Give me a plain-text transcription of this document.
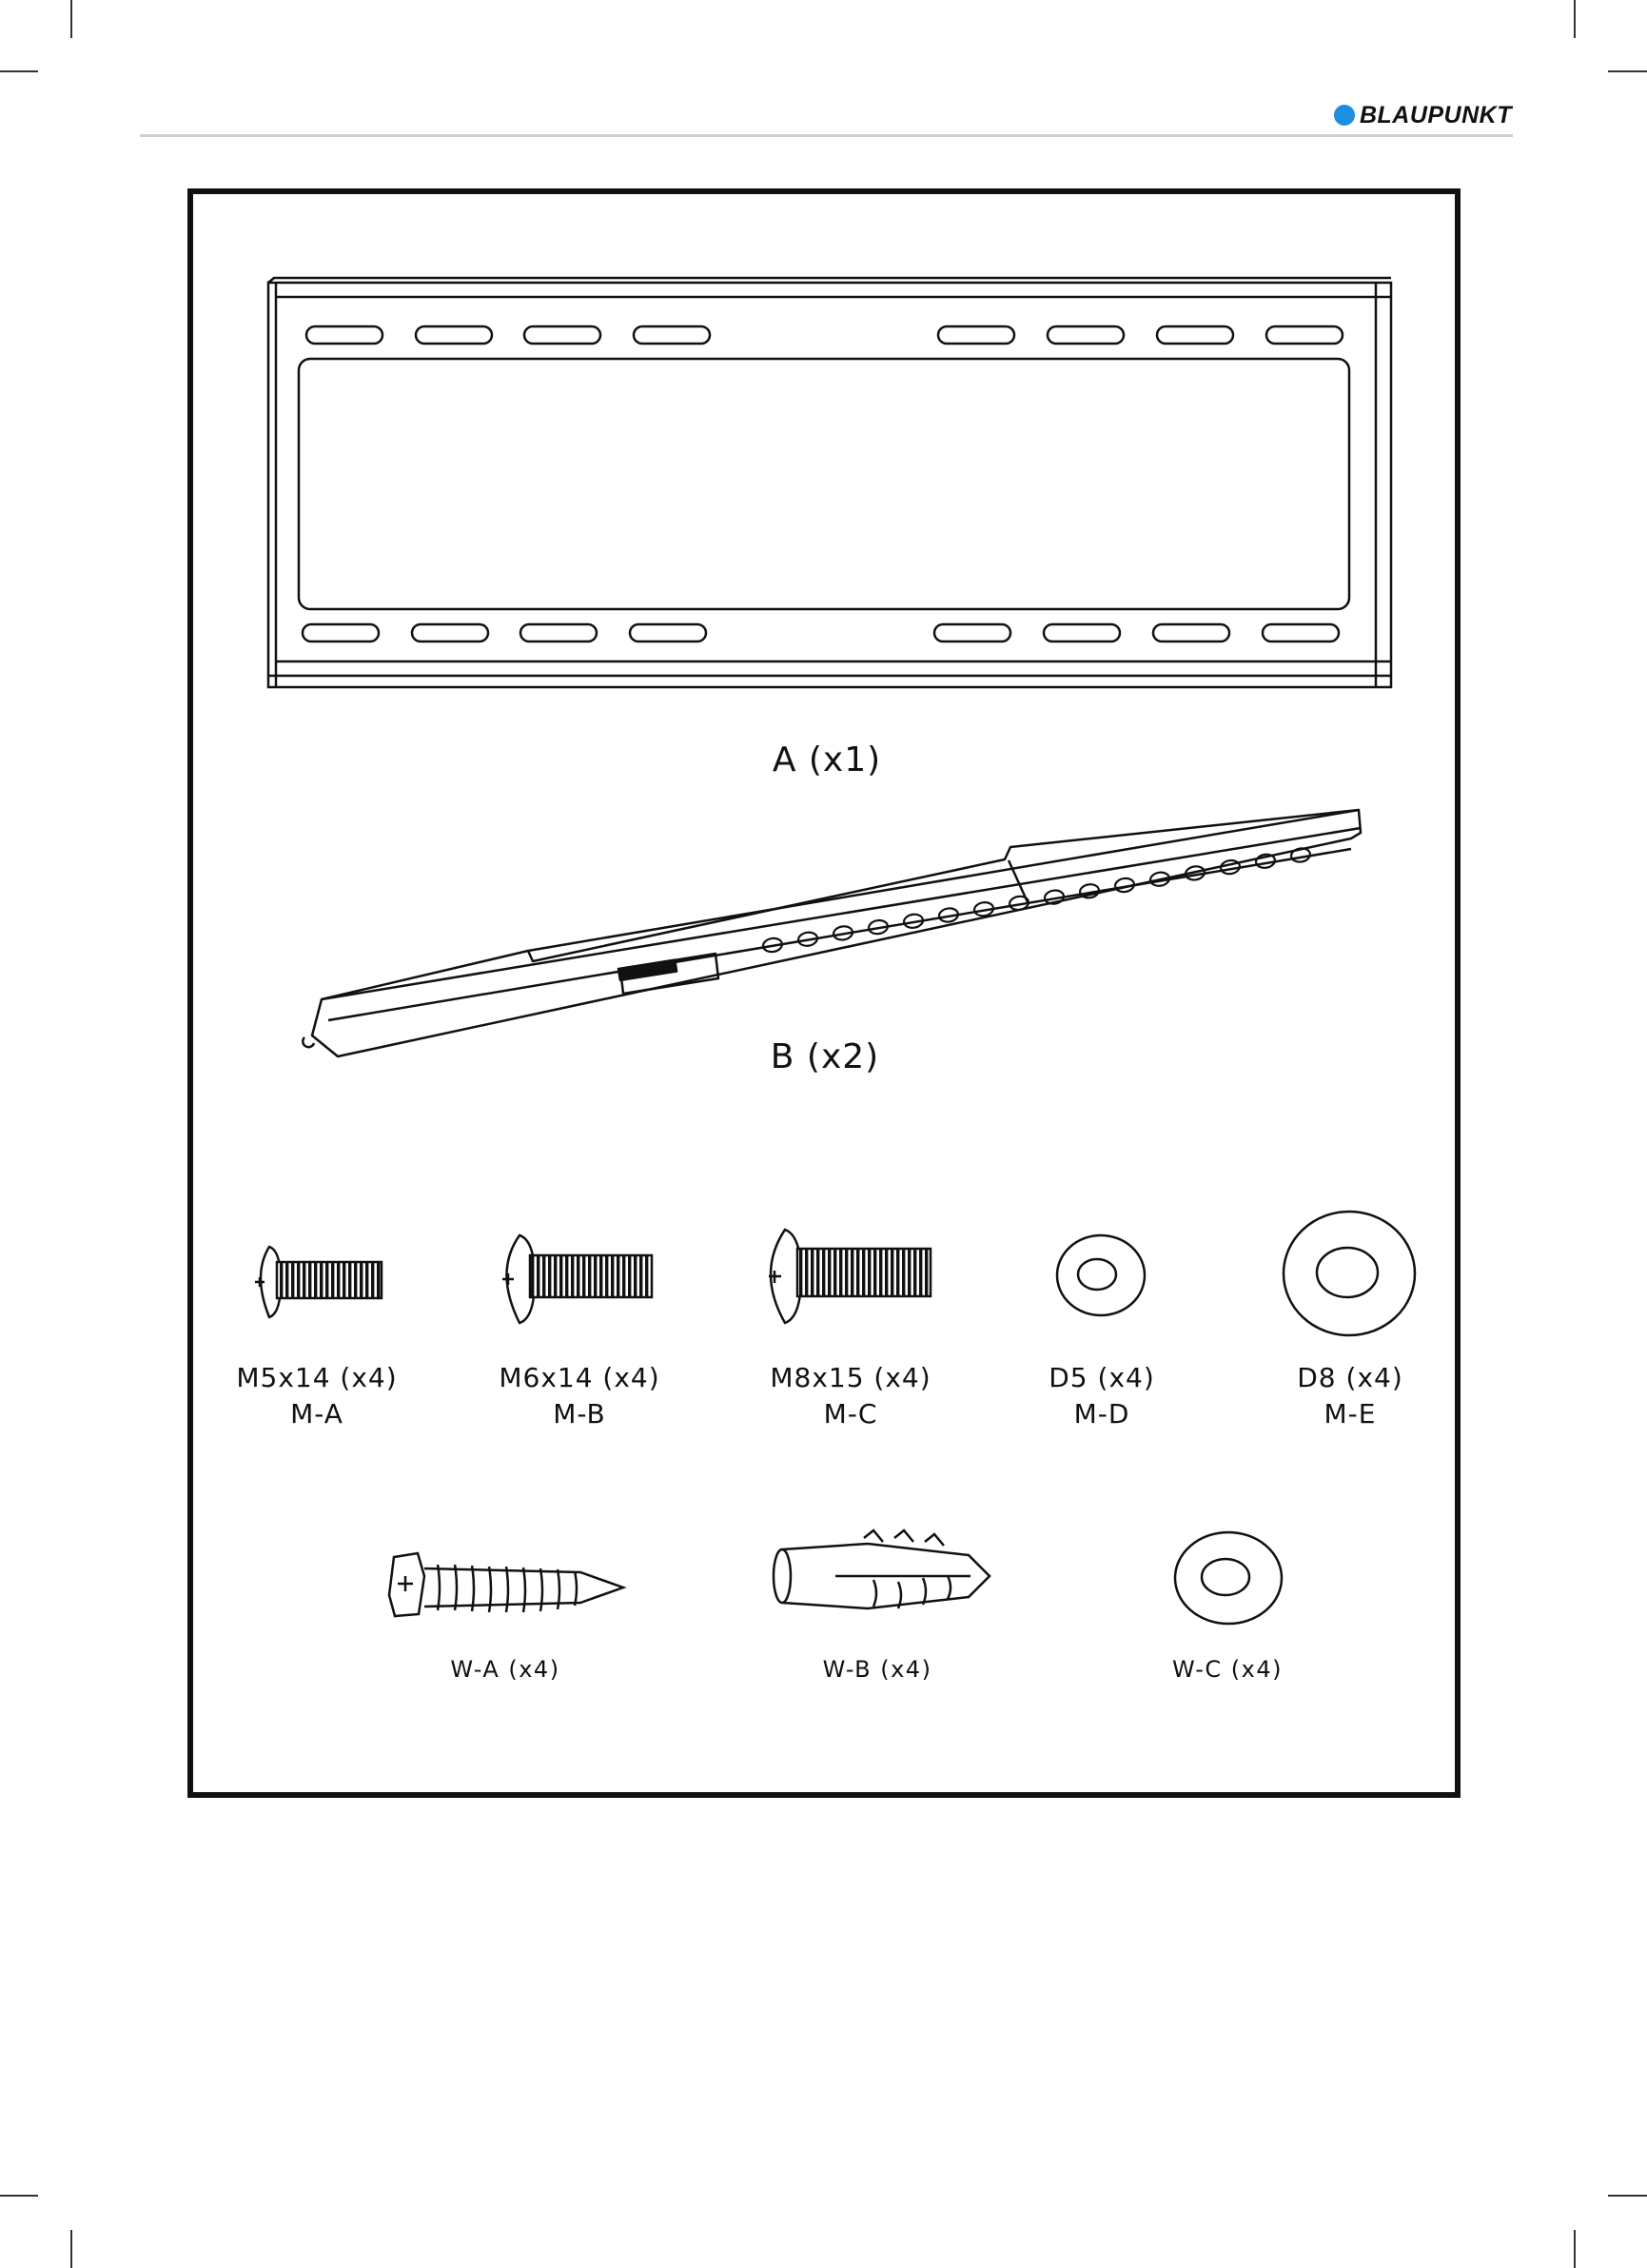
BLAUPUNKT
A (x1)
B (x2)
M5x14 (x4)
M-A
M6x14 (x4)
M-B
M8x15 (x4)
M-C
D5 (x4)
M-D
D8 (x4)
M-E
W-A (x4)	W-B (x4)	W-C (x4)
